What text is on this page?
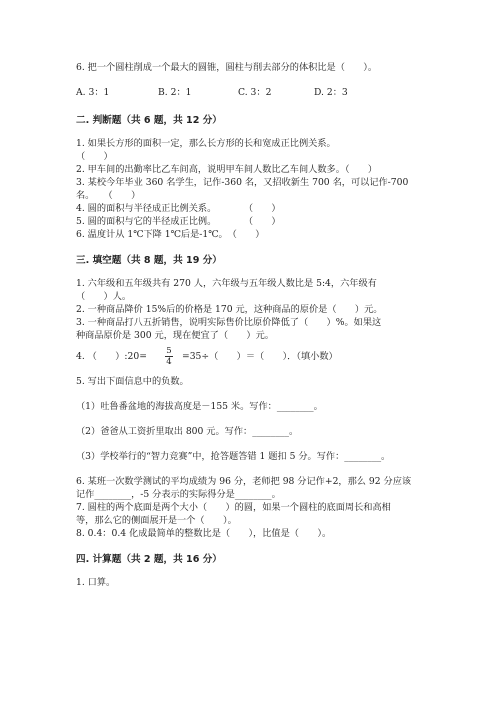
6. 把一个圆柱削成一个最大的圆锥，圆柱与削去部分的体积比是（　　）。
A. 3：1	B. 2：1	C. 3：2	D. 2：3
二. 判断题（共 6 题，共 12 分）
1. 如果长方形的面积一定，那么长方形的长和宽成正比例关系。
（　　）
2. 甲车间的出勤率比乙车间高，说明甲车间人数比乙车间人数多。（　　）
3. 某校今年毕业 360 名学生，记作-360 名，又招收新生 700 名，可以记作-700
名。　　（　　）
4. 圆的面积与半径成正比例关系。　　　　（　　）
5. 圆的面积与它的半径成正比例。　　　　（　　）
6. 温度计从 1℃下降 1℃后是-1℃。　（　　）
三. 填空题（共 8 题，共 19 分）
1. 六年级和五年级共有 270 人，六年级与五年级人数比是 5:4，六年级有
（　　）人。
2. 一种商品降价 15%后的价格是 170 元，这种商品的原价是（　　）元。
3. 一种商品打八五折销售，说明实际售价比原价降低了（　　）%。如果这
种商品原价是 300 元，现在便宜了（　　）元。
4. （　　）:20= 5
4 =35÷（　　）＝（　　）．（填小数）
5. 写出下面信息中的负数。
（1）吐鲁番盆地的海拔高度是－155 米。写作：________。
（2）爸爸从工资折里取出 800 元。写作：________。
（3）学校举行的“智力竞赛”中，抢答题答错 1 题扣 5 分。写作：________。
6. 某班一次数学测试的平均成绩为 96 分，老师把 98 分记作+2，那么 92 分应该
记作________，-5 分表示的实际得分是________。
7. 圆柱的两个底面是两个大小（　　）的圆，如果一个圆柱的底面周长和高相
等，那么它的侧面展开是一个（　　）。
8. 0.4：0.4 化成最简单的整数比是（　　），比值是（　　）。
四. 计算题（共 2 题，共 16 分）
1. 口算。
